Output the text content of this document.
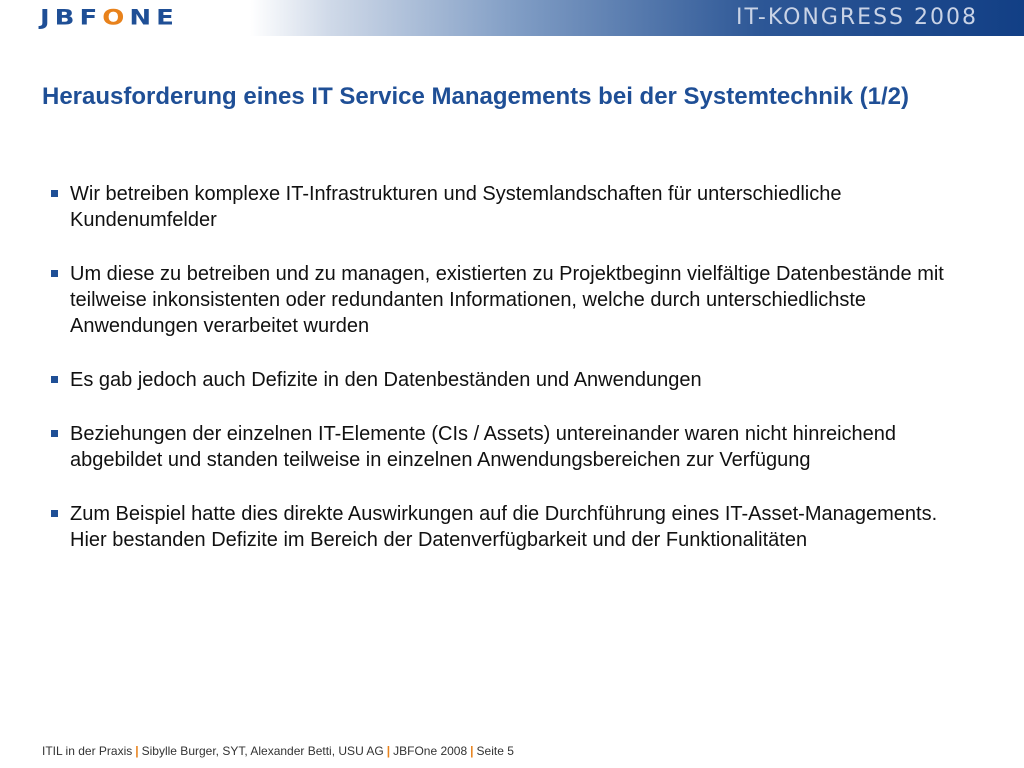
JBFONE	IT-KONGRESS 2008
Herausforderung eines IT Service Managements bei der Systemtechnik (1/2)
Wir betreiben komplexe IT-Infrastrukturen und Systemlandschaften für unterschiedliche Kundenumfelder
Um diese zu betreiben und zu managen, existierten zu Projektbeginn vielfältige Datenbestände mit teilweise inkonsistenten oder redundanten Informationen, welche durch unterschiedlichste Anwendungen verarbeitet wurden
Es gab jedoch auch Defizite in den Datenbeständen und Anwendungen
Beziehungen der einzelnen IT-Elemente (CIs / Assets) untereinander waren nicht hinreichend abgebildet und standen teilweise in einzelnen Anwendungsbereichen zur Verfügung
Zum Beispiel hatte dies direkte Auswirkungen auf die Durchführung eines IT-Asset-Managements. Hier bestanden Defizite im Bereich der Datenverfügbarkeit und der Funktionalitäten
ITIL in der Praxis | Sibylle Burger, SYT, Alexander Betti, USU AG | JBFOne 2008 | Seite 5
